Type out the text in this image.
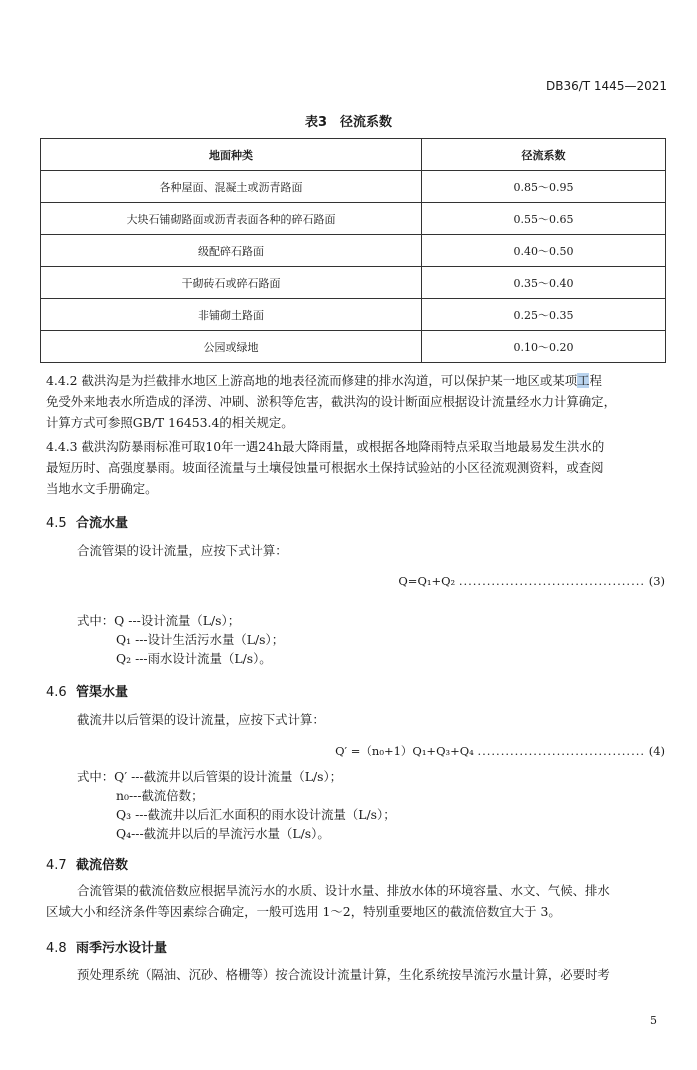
DB36/T 1445—2021
表3　径流系数
地面种类	径流系数
各种屋面、混凝土或沥青路面	0.85～0.95
大块石铺砌路面或沥青表面各种的碎石路面	0.55～0.65
级配碎石路面	0.40～0.50
干砌砖石或碎石路面	0.35～0.40
非铺砌土路面	0.25～0.35
公园或绿地	0.10～0.20

4.4.2 截洪沟是为拦截排水地区上游高地的地表径流而修建的排水沟道，可以保护某一地区或某项工程

免受外来地表水所造成的泽涝、冲刷、淤积等危害，截洪沟的设计断面应根据设计流量经水力计算确定，

计算方式可参照GB/T 16453.4的相关规定。

4.4.3 截洪沟防暴雨标准可取10年一遇24h最大降雨量，或根据各地降雨特点采取当地最易发生洪水的

最短历时、高强度暴雨。坡面径流量与土壤侵蚀量可根据水土保持试验站的小区径流观测资料，或查阅

当地水文手册确定。

4.5 合流水量
合流管渠的设计流量，应按下式计算：
Q=Q₁+Q₂ ........................................ (3)
式中：Q ---设计流量（L/s）；
Q₁ ---设计生活污水量（L/s）；
Q₂ ---雨水设计流量（L/s）。
4.6 管渠水量
截流井以后管渠的设计流量，应按下式计算：
Q′ =（n₀+1）Q₁+Q₃+Q₄ .................................... (4)
式中：Q′ ---截流井以后管渠的设计流量（L/s）；
n₀---截流倍数；
Q₃ ---截流井以后汇水面积的雨水设计流量（L/s）；
Q₄---截流井以后的旱流污水量（L/s）。
4.7 截流倍数

合流管渠的截流倍数应根据旱流污水的水质、设计水量、排放水体的环境容量、水文、气候、排水

区域大小和经济条件等因素综合确定，一般可选用 1～2，特别重要地区的截流倍数宜大于 3。

4.8 雨季污水设计量

预处理系统（隔油、沉砂、格栅等）按合流设计流量计算，生化系统按旱流污水量计算，必要时考

5
